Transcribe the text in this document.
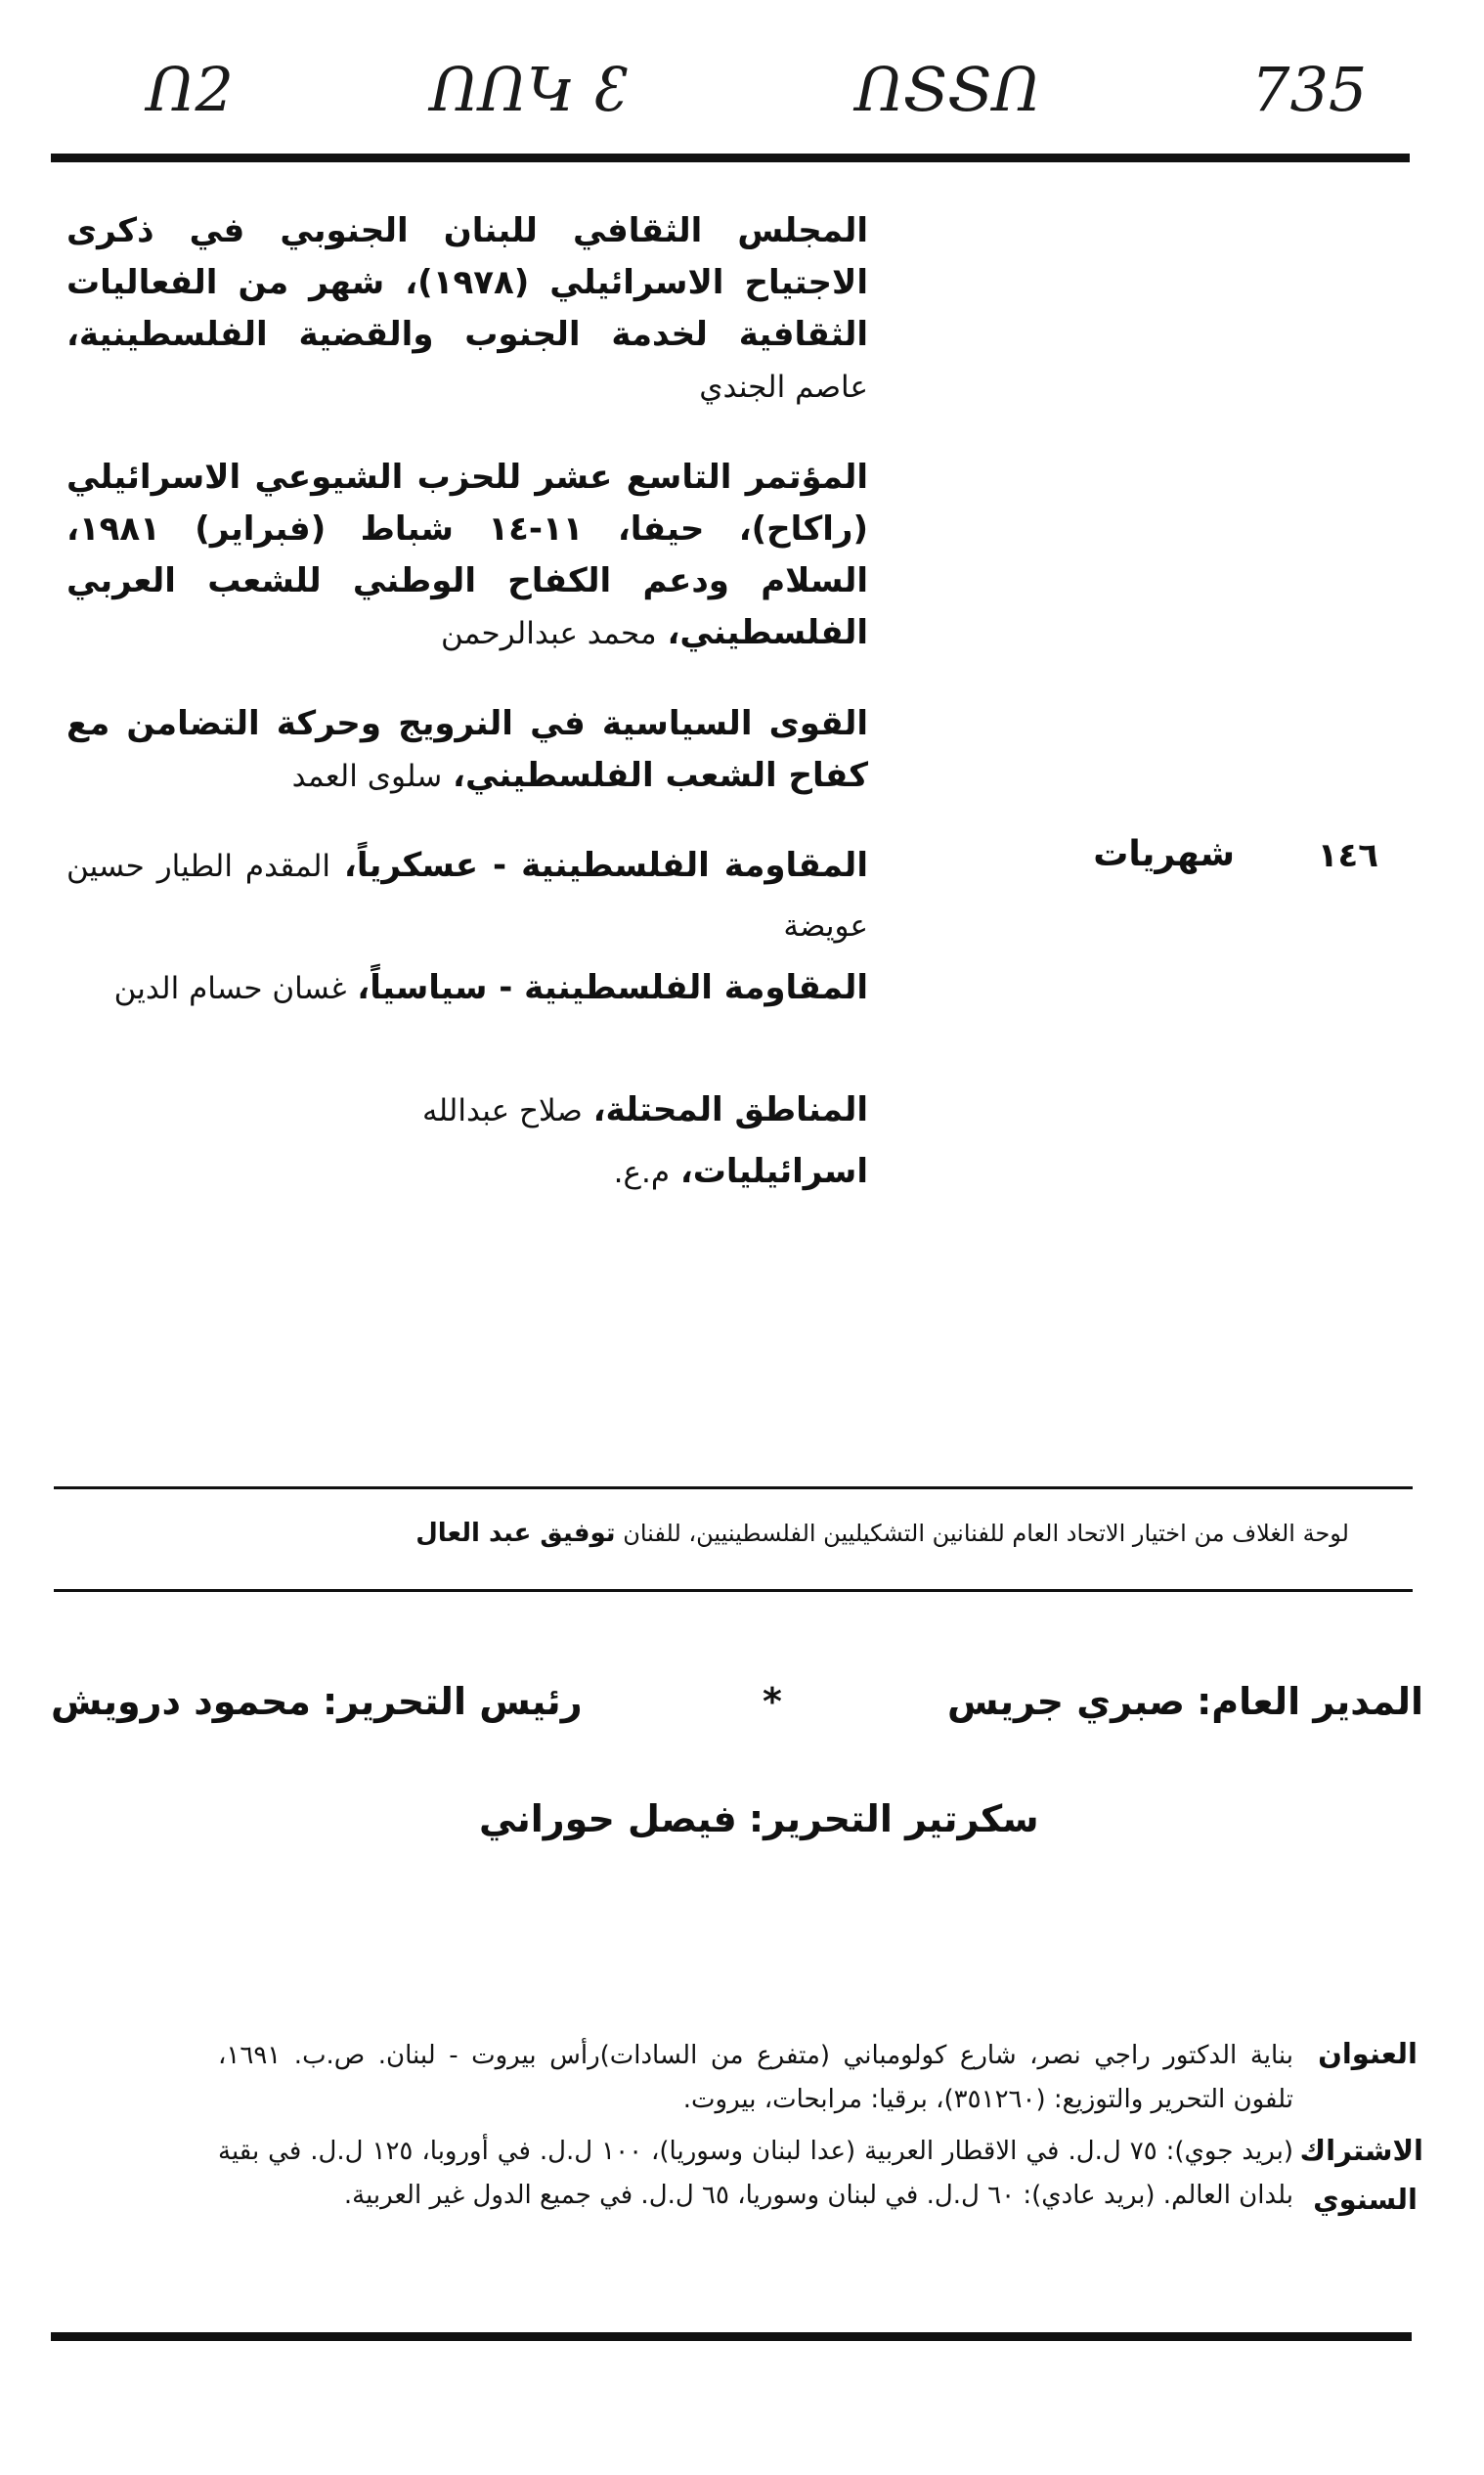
Ո2	ՈՈԿ ꜫ	ՈՏՏՈ	735
المجلس الثقافي للبنان الجنوبي في ذكرى الاجتياح الاسرائيلي (١٩٧٨)، شهر من الفعاليات الثقافية لخدمة الجنوب والقضية الفلسطينية، عاصم الجندي
المؤتمر التاسع عشر للحزب الشيوعي الاسرائيلي (راكاح)، حيفا، ١١-١٤ شباط (فبراير) ١٩٨١، السلام ودعم الكفاح الوطني للشعب العربي الفلسطيني، محمد عبدالرحمن
القوى السياسية في النرويج وحركة التضامن مع كفاح الشعب الفلسطيني، سلوى العمد
١٤٦
شهريات
المقاومة الفلسطينية - عسكرياً، المقدم الطيار حسين عويضة
المقاومة الفلسطينية - سياسياً، غسان حسام الدين
المناطق المحتلة، صلاح عبدالله
اسرائيليات، م.ع.
لوحة الغلاف من اختيار الاتحاد العام للفنانين التشكيليين الفلسطينيين، للفنان توفيق عبد العال
المدير العام: صبري جريس
*
رئيس التحرير: محمود درويش
سكرتير التحرير: فيصل حوراني
العنوان
بناية الدكتور راجي نصر، شارع كولومباني (متفرع من السادات)رأس بيروت - لبنان. ص.ب. ١٦٩١، تلفون التحرير والتوزيع: (٣٥١٢٦٠)، برقيا: مرابحات، بيروت.
الاشتراك
السنوي
(بريد جوي): ٧٥ ل.ل. في الاقطار العربية (عدا لبنان وسوريا)، ١٠٠ ل.ل. في أوروبا، ١٢٥ ل.ل. في بقية بلدان العالم. (بريد عادي): ٦٠ ل.ل. في لبنان وسوريا، ٦٥ ل.ل. في جميع الدول غير العربية.
